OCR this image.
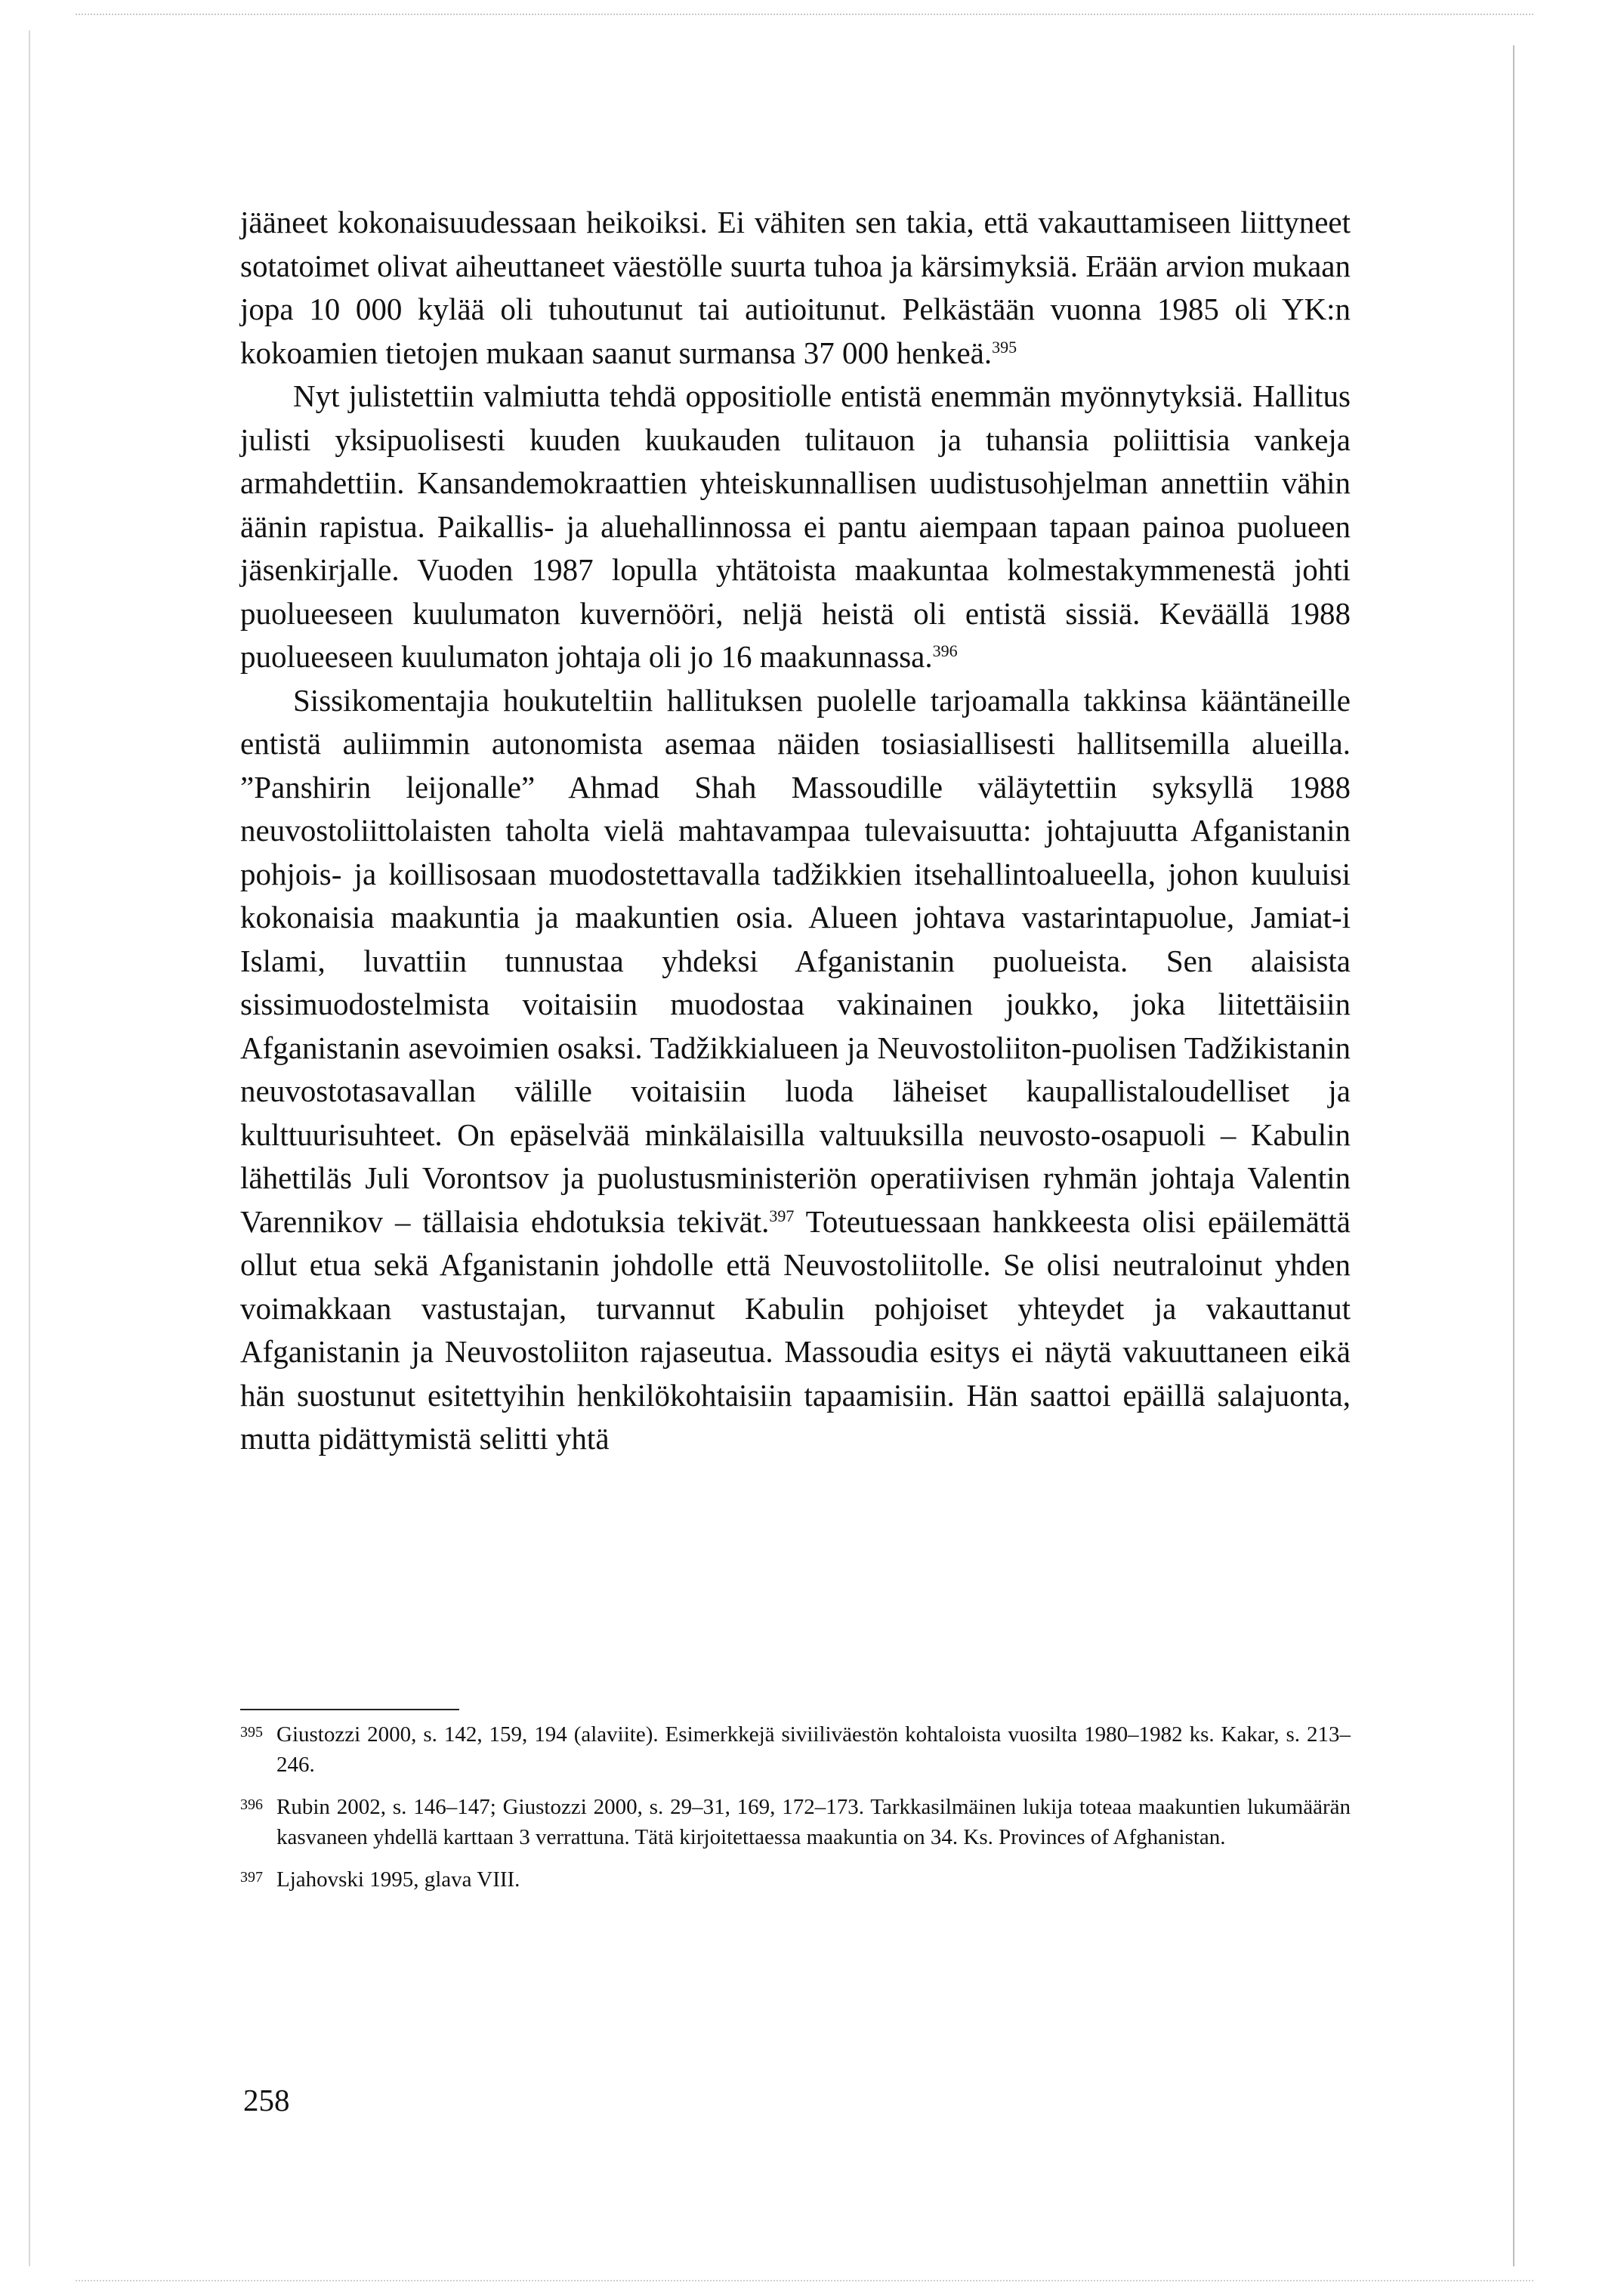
jääneet kokonaisuudessaan heikoiksi. Ei vähiten sen takia, että vakauttamiseen liittyneet sotatoimet olivat aiheuttaneet väestölle suurta tuhoa ja kärsimyksiä. Erään arvion mukaan jopa 10 000 kylää oli tuhoutunut tai autioitunut. Pelkästään vuonna 1985 oli YK:n kokoamien tietojen mukaan saanut surmansa 37 000 henkeä.$^{395}$

Nyt julistettiin valmiutta tehdä oppositiolle entistä enemmän myönnytyksiä. Hallitus julisti yksipuolisesti kuuden kuukauden tulitauon ja tuhansia poliittisia vankeja armahdettiin. Kansandemokraattien yhteiskunnallisen uudistusohjelman annettiin vähin äänin rapistua. Paikallis- ja aluehallinnossa ei pantu aiempaan tapaan painoa puolueen jäsenkirjalle. Vuoden 1987 lopulla yhtätoista maakuntaa kolmestakymmenestä johti puolueeseen kuulumaton kuvernööri, neljä heistä oli entistä sissiä. Keväällä 1988 puolueeseen kuulumaton johtaja oli jo 16 maakunnassa.$^{396}$

Sissikomentajia houkuteltiin hallituksen puolelle tarjoamalla takkinsa kääntäneille entistä auliimmin autonomista asemaa näiden tosiasiallisesti hallitsemilla alueilla. ”Panshirin leijonalle” Ahmad Shah Massoudille väläytettiin syksyllä 1988 neuvostoliittolaisten taholta vielä mahtavampaa tulevaisuutta: johtajuutta Afganistanin pohjois- ja koillisosaan muodostettavalla tadžikkien itsehallintoalueella, johon kuuluisi kokonaisia maakuntia ja maakuntien osia. Alueen johtava vastarintapuolue, Jamiat-i Islami, luvattiin tunnustaa yhdeksi Afganistanin puolueista. Sen alaisista sissimuodostelmista voitaisiin muodostaa vakinainen joukko, joka liitettäisiin Afganistanin asevoimien osaksi. Tadžikkialueen ja Neuvostoliiton-puolisen Tadžikistanin neuvostotasavallan välille voitaisiin luoda läheiset kaupallistaloudelliset ja kulttuurisuhteet. On epäselvää minkälaisilla valtuuksilla neuvosto-osapuoli – Kabulin lähettiläs Juli Vorontsov ja puolustusministeriön operatiivisen ryhmän johtaja Valentin Varennikov – tällaisia ehdotuksia tekivät.$^{397}$ Toteutuessaan hankkeesta olisi epäilemättä ollut etua sekä Afganistanin johdolle että Neuvostoliitolle. Se olisi neutraloinut yhden voimakkaan vastustajan, turvannut Kabulin pohjoiset yhteydet ja vakauttanut Afganistanin ja Neuvostoliiton rajaseutua. Massoudia esitys ei näytä vakuuttaneen eikä hän suostunut esitettyihin henkilökohtaisiin tapaamisiin. Hän saattoi epäillä salajuonta, mutta pidättymistä selitti yhtä

395 Giustozzi 2000, s. 142, 159, 194 (alaviite). Esimerkkejä siviiliväestön kohtaloista vuosilta 1980–1982 ks. Kakar, s. 213–246.
396 Rubin 2002, s. 146–147; Giustozzi 2000, s. 29–31, 169, 172–173. Tarkkasilmäinen lukija toteaa maakuntien lukumäärän kasvaneen yhdellä karttaan 3 verrattuna. Tätä kirjoitettaessa maakuntia on 34. Ks. Provinces of Afghanistan.
397 Ljahovski 1995, glava VIII.
258
